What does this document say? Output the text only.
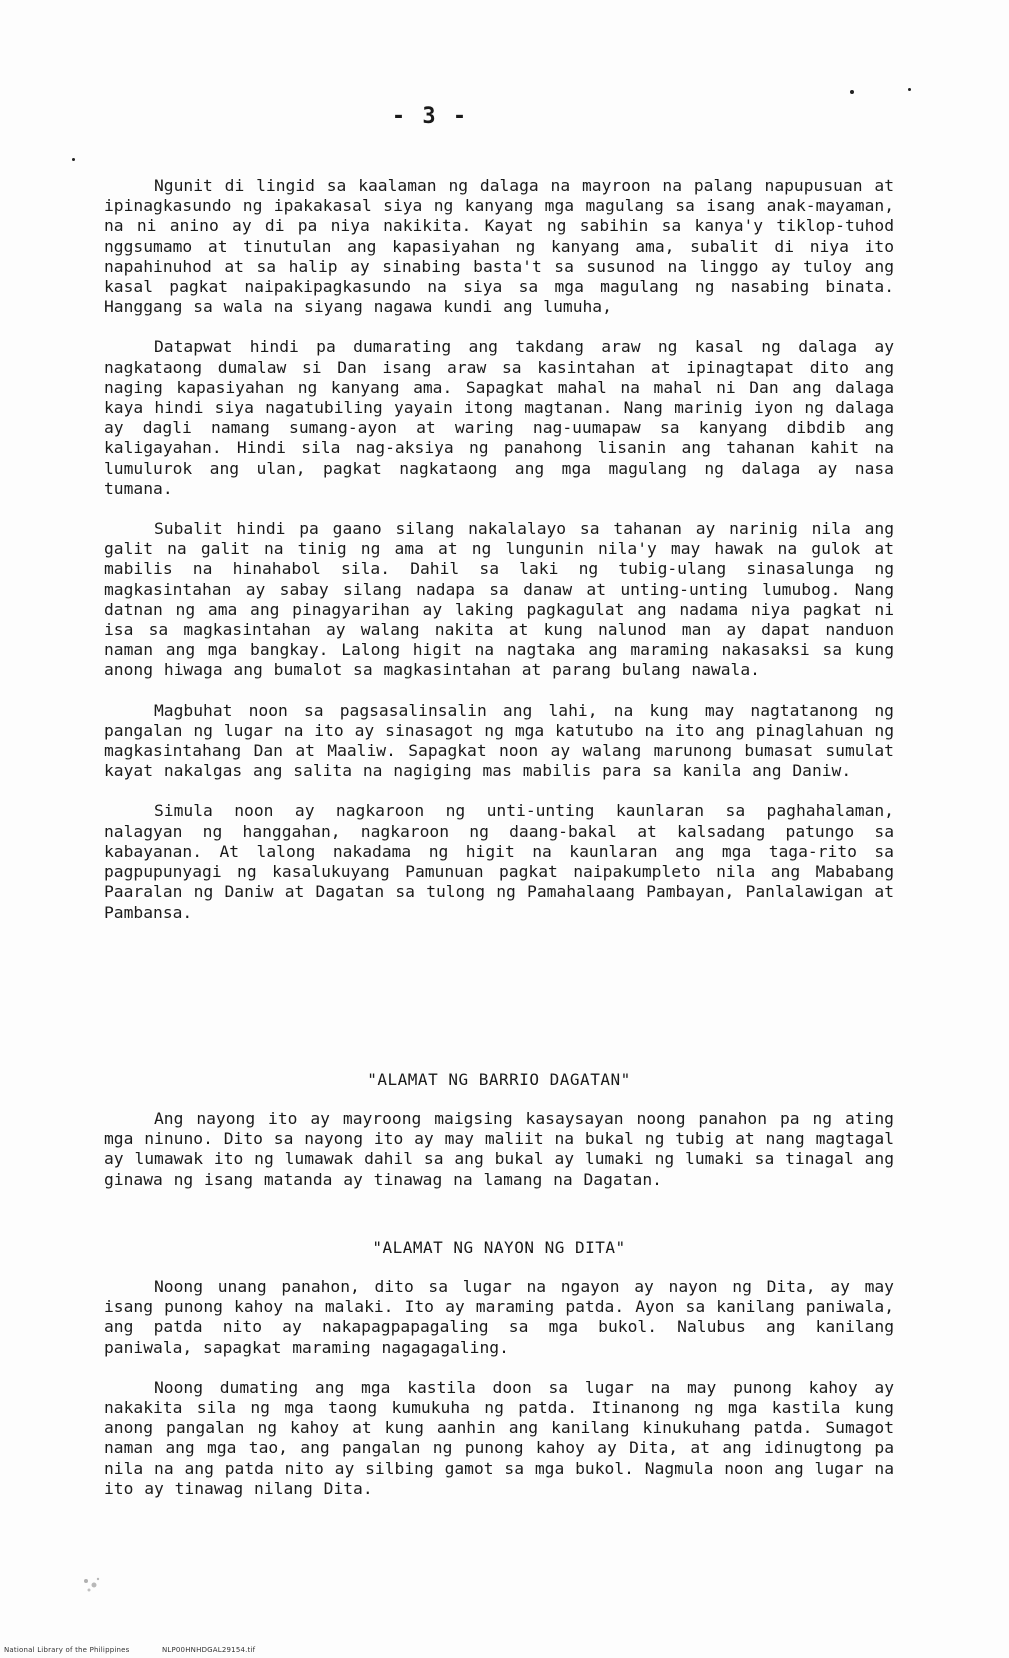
- 3 -

Ngunit di lingid sa kaalaman ng dalaga na mayroon na palang napupusuan at ipinagkasundo ng ipakakasal siya ng kanyang mga magulang sa isang anak-mayaman, na ni anino ay di pa niya nakikita. Kayat ng sabihin sa kanya'y tiklop-tuhod nggsumamo at tinutulan ang kapasiyahan ng kanyang ama, subalit di niya ito napahinuhod at sa halip ay sinabing basta't sa susunod na linggo ay tuloy ang kasal pagkat naipakipagkasundo na siya sa mga magulang ng nasabing binata. Hanggang sa wala na siyang nagawa kundi ang lumuha,

Datapwat hindi pa dumarating ang takdang araw ng kasal ng dalaga ay nagkataong dumalaw si Dan isang araw sa kasintahan at ipinagtapat dito ang naging kapasiyahan ng kanyang ama. Sapagkat mahal na mahal ni Dan ang dalaga kaya hindi siya nagatubiling yayain itong magtanan. Nang marinig iyon ng dalaga ay dagli namang sumang-ayon at waring nag-uumapaw sa kanyang dibdib ang kaligayahan. Hindi sila nag-aksiya ng panahong lisanin ang tahanan kahit na lumulurok ang ulan, pagkat nagkataong ang mga magulang ng dalaga ay nasa tumana.

Subalit hindi pa gaano silang nakalalayo sa tahanan ay narinig nila ang galit na galit na tinig ng ama at ng lungunin nila'y may hawak na gulok at mabilis na hinahabol sila. Dahil sa laki ng tubig-ulang sinasalunga ng magkasintahan ay sabay silang nadapa sa danaw at unting-unting lumubog. Nang datnan ng ama ang pinagyarihan ay laking pagkagulat ang nadama niya pagkat ni isa sa magkasintahan ay walang nakita at kung nalunod man ay dapat nanduon naman ang mga bangkay. Lalong higit na nagtaka ang maraming nakasaksi sa kung anong hiwaga ang bumalot sa magkasintahan at parang bulang nawala.

Magbuhat noon sa pagsasalinsalin ang lahi, na kung may nagtatanong ng pangalan ng lugar na ito ay sinasagot ng mga katutubo na ito ang pinaglahuan ng magkasintahang Dan at Maaliw. Sapagkat noon ay walang marunong bumasat sumulat kayat nakalgas ang salita na nagiging mas mabilis para sa kanila ang Daniw.

Simula noon ay nagkaroon ng unti-unting kaunlaran sa paghahalaman, nalagyan ng hanggahan, nagkaroon ng daang-bakal at kalsadang patungo sa kabayanan. At lalong nakadama ng higit na kaunlaran ang mga taga-rito sa pagpupunyagi ng kasalukuyang Pamunuan pagkat naipakumpleto nila ang Mababang Paaralan ng Daniw at Dagatan sa tulong ng Pamahalaang Pambayan, Panlalawigan at Pambansa.

"ALAMAT NG BARRIO DAGATAN"

Ang nayong ito ay mayroong maigsing kasaysayan noong panahon pa ng ating mga ninuno. Dito sa nayong ito ay may maliit na bukal ng tubig at nang magtagal ay lumawak ito ng lumawak dahil sa ang bukal ay lumaki ng lumaki sa tinagal ang ginawa ng isang matanda ay tinawag na lamang na Dagatan.

"ALAMAT NG NAYON NG DITA"

Noong unang panahon, dito sa lugar na ngayon ay nayon ng Dita, ay may isang punong kahoy na malaki. Ito ay maraming patda. Ayon sa kanilang paniwala, ang patda nito ay nakapagpapagaling sa mga bukol. Nalubus ang kanilang paniwala, sapagkat maraming nagagagaling.

Noong dumating ang mga kastila doon sa lugar na may punong kahoy ay nakakita sila ng mga taong kumukuha ng patda. Itinanong ng mga kastila kung anong pangalan ng kahoy at kung aanhin ang kanilang kinukuhang patda. Sumagot naman ang mga tao, ang pangalan ng punong kahoy ay Dita, at ang idinugtong pa nila na ang patda nito ay silbing gamot sa mga bukol. Nagmula noon ang lugar na ito ay tinawag nilang Dita.

National Library of the Philippines	NLP00HNHDGAL29154.tif
